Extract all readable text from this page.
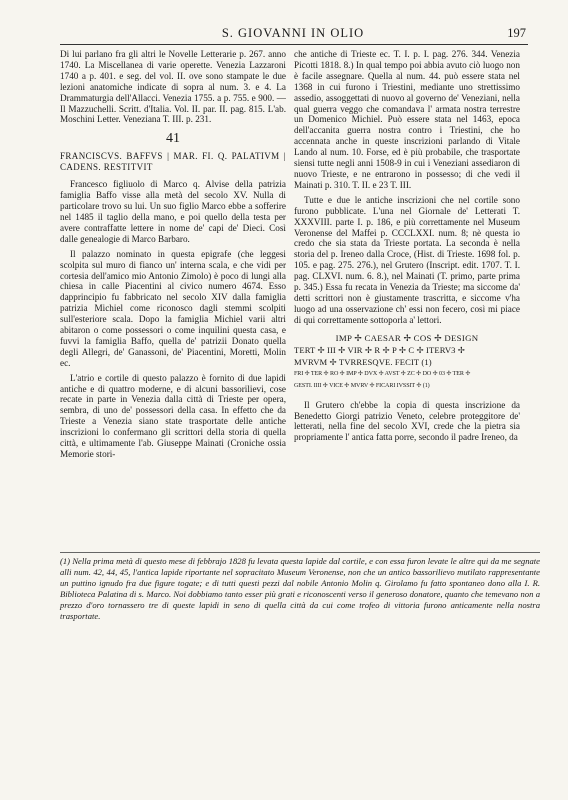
S. GIOVANNI IN OLIO	197

Di lui parlano fra gli altri le Novelle Letterarie p. 267. anno 1740. La Miscellanea di varie operette. Venezia Lazzaroni 1740 a p. 401. e seg. del vol. II. ove sono stampate le due lezioni anatomiche indicate di sopra al num. 3. e 4. La Drammaturgia dell'Allacci. Venezia 1755. a p. 755. e 900. — Il Mazzuchelli. Scritt. d'Italia. Vol. II. par. II. pag. 815. L'ab. Moschini Letter. Veneziana T. III. p. 231.

41
FRANCISCVS. BAFFVS | MAR. FI. Q. PALATIVM | CADENS. RESTITVIT

Francesco figliuolo di Marco q. Alvise della patrizia famiglia Baffo visse alla metà del secolo XV. Nulla di particolare trovo su lui. Un suo figlio Marco ebbe a sofferire nel 1485 il taglio della mano, e poi quello della testa per avere contraffatte lettere in nome de' capi de' Dieci. Così dalle genealogie di Marco Barbaro.

Il palazzo nominato in questa epigrafe (che leggesi scolpita sul muro di fianco un' interna scala, e che vidi per cortesia dell'amico mio Antonio Zimolo) è poco di lungi alla chiesa in calle Piacentini al civico numero 4674. Esso dapprincipio fu fabbricato nel secolo XIV dalla famiglia patrizia Michiel come riconosco dagli stemmi scolpiti sull'esteriore scala. Dopo la famiglia Michiel varii altri abitaron o come possessori o come inquilini questa casa, e fuvvi la famiglia Baffo, quella de' patrizii Donato quella degli Allegri, de' Ganassoni, de' Piacentini, Moretti, Molin ec.

L'atrio e cortile di questo palazzo è fornito di due lapidi antiche e di quattro moderne, e di alcuni bassorilievi, cose recate in parte in Venezia dalla città di Trieste per opera, sembra, di uno de' possessori della casa. In effetto che da Trieste a Venezia siano state trasportate delle antiche inscrizioni lo confermano gli scrittori della storia di quella città, e ultimamente l'ab. Giuseppe Mainati (Croniche ossia Memorie stori-

che antiche di Trieste ec. T. I. p. I. pag. 276. 344. Venezia Picotti 1818. 8.) In qual tempo poi abbia avuto ciò luogo non è facile assegnare. Quella al num. 44. può essere stata nel 1368 in cui furono i Triestini, mediante uno strettissimo assedio, assoggettati di nuovo al governo de' Veneziani, nella qual guerra veggo che comandava l' armata nostra terrestre un Domenico Michiel. Può essere stata nel 1463, epoca dell'accanita guerra nostra contro i Triestini, che ho accennata anche in queste inscrizioni parlando di Vitale Lando al num. 10. Forse, ed è più probabile, che trasportate siensi tutte negli anni 1508-9 in cui i Veneziani assediaron di nuovo Trieste, e ne entrarono in possesso; di che vedi il Mainati p. 310. T. II. e 23 T. III.

Tutte e due le antiche inscrizioni che nel cortile sono furono pubblicate. L'una nel Giornale de' Letterati T. XXXVIII. parte I. p. 186, e più correttamente nel Museum Veronense del Maffei p. CCCLXXI. num. 8; nè questa io credo che sia stata da Trieste portata. La seconda è nella storia del p. Ireneo dalla Croce, (Hist. di Trieste. 1698 fol. p. 105. e pag. 275. 276.), nel Grutero (Inscript. edit. 1707. T. I. pag. CLXVI. num. 6. 8.), nel Mainati (T. primo, parte prima p. 345.) Essa fu recata in Venezia da Trieste; ma siccome da' detti scrittori non è giustamente trascritta, e siccome v'ha luogo ad una osservazione ch' essi non fecero, così mi piace di qui correttamente sottoporla a' lettori.

IMP ✢ CAESAR ✢ COS ✢ DESIGN
TERT ✢ III ✢ VIR ✢ R ✢ P ✢ C ✢ ITERV3 ✢
MVRVM ✢ TVRRESQVE. FECIT (1)
FRI ✢ TER ✢ RO ✢ IMP ✢ DVX ✢ AVST ✢ ZC ✢ DO ✢ 03 ✢ TER ✢
GESTI. IIII ✢ VICE ✢ MVRV ✢ FICARI IVSSIT ✢ (1)

Il Grutero ch'ebbe la copia di questa inscrizione da Benedetto Giorgi patrizio Veneto, celebre proteggitore de' letterati, nella fine del secolo XVI, crede che la pietra sia propriamente l' antica fatta porre, secondo il padre Ireneo, da

(1) Nella prima metà di questo mese di febbrajo 1828 fu levata questa lapide dal cortile, e con essa furon levate le altre qui da me segnate alli num. 42, 44, 45, l'antica lapide riportante nel sopracitato Museum Veronense, non che un antico bassorilievo mutilato rappresentante un puttino ignudo fra due figure togate; e di tutti questi pezzi dal nobile Antonio Molin q. Girolamo fu fatto spontaneo dono alla I. R. Biblioteca Palatina di s. Marco. Noi dobbiamo tanto esser più grati e riconoscenti verso il generoso donatore, quanto che temevano non a prezzo d'oro tornassero tre di queste lapidi in seno di quella città da cui come trofeo di vittoria furono anticamente nella nostra trasportate.
